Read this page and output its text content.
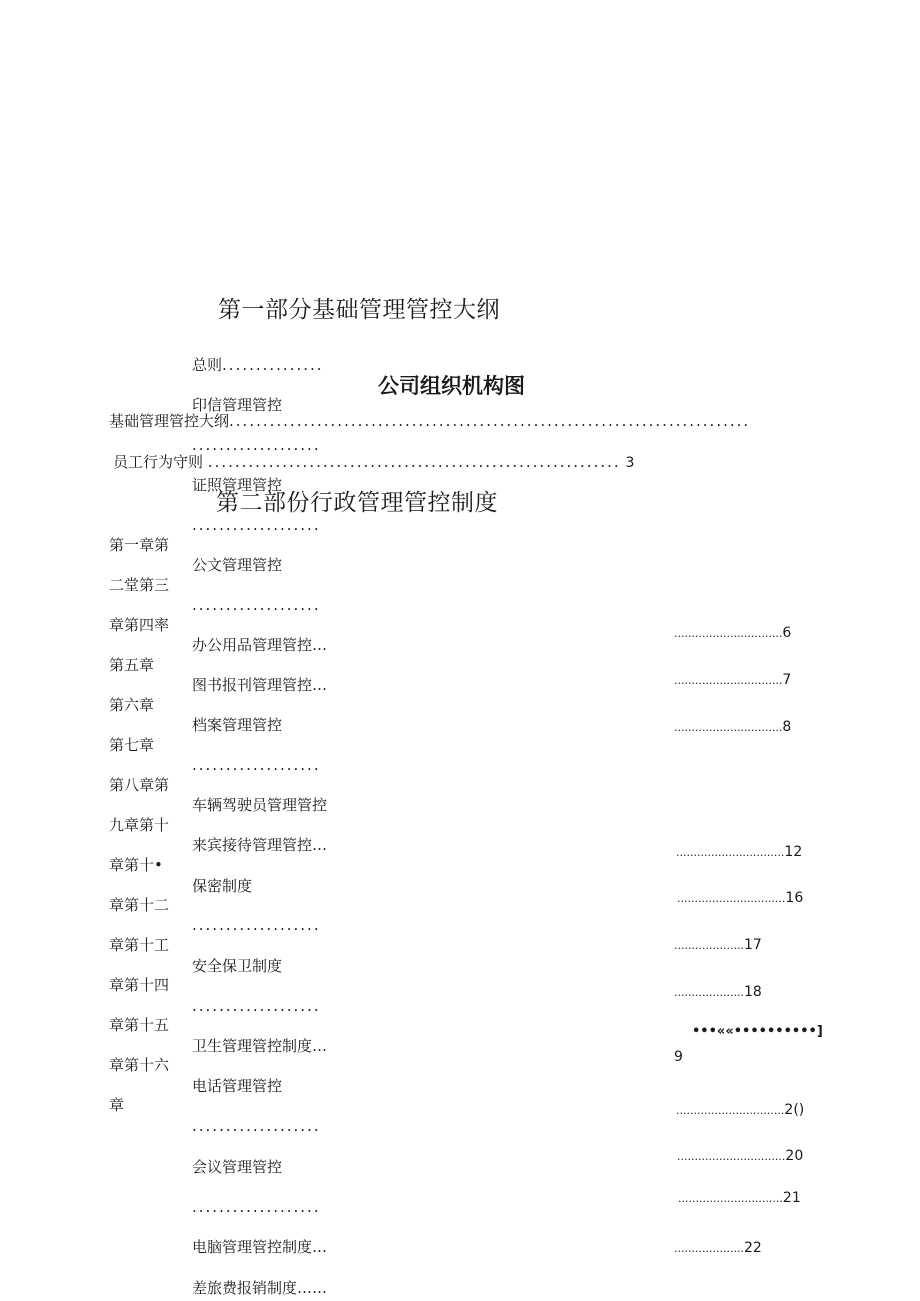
第一部分基础管理管控大纲
公司组织机构图
第二部份行政管理管控制度
基础管理管控大纲.............................................................................
员工行为守则 ............................................................. 3
第一章第
二堂第三
章第四率
第五章
第六章
第七章
第八章第
九章第十
章第十•
章第十二
章第十工
章第十四
章第十五
章第十六
章
总则...............
印信管理管控
...................
证照管理管控
...................
公文管理管控
...................
办公用品管理管控…
图书报刊管理管控…
档案管理管控
...................
车辆驾驶员管理管控
来宾接待管理管控…
保密制度
...................
安全保卫制度
...................
卫生管理管控制度…
电话管理管控
...................
会议管理管控
...................
电脑管理管控制度…
差旅费报销制度……
...............................6
...............................7
...............................8
...............................12
...............................16
....................17
....................18
•••««••••••••••]
9
...............................2()
...............................20
..............................21
....................22
